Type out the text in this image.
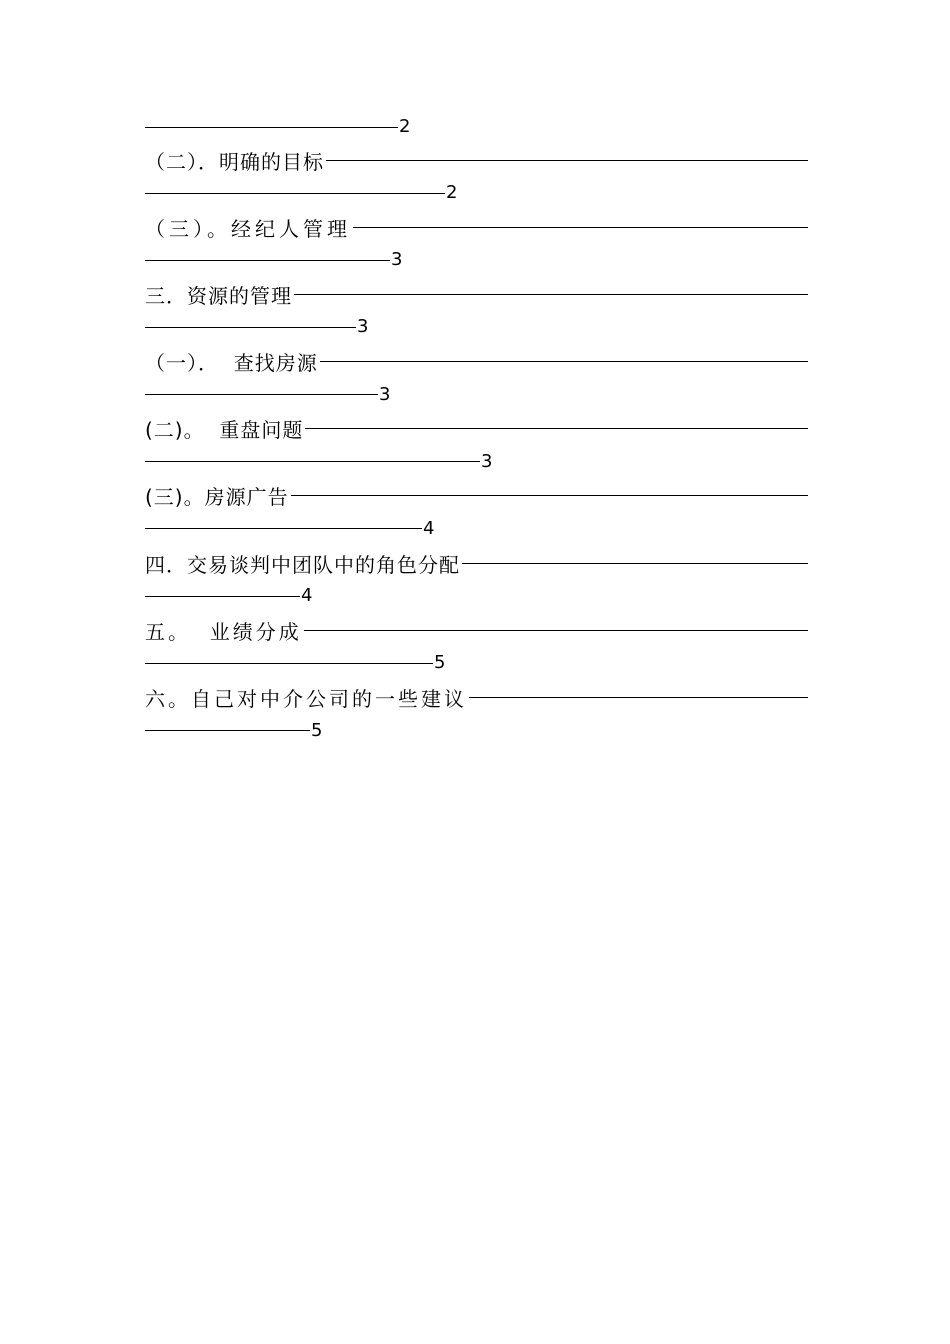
2
（二）．明确的目标
2
（三）。经纪人管理
3
三．资源的管理
3
（一）．  查找房源
3
(二)。  重盘问题
3
(三)。房源广告
4
四．交易谈判中团队中的角色分配
4
五。  业绩分成
5
六。自己对中介公司的一些建议
5
